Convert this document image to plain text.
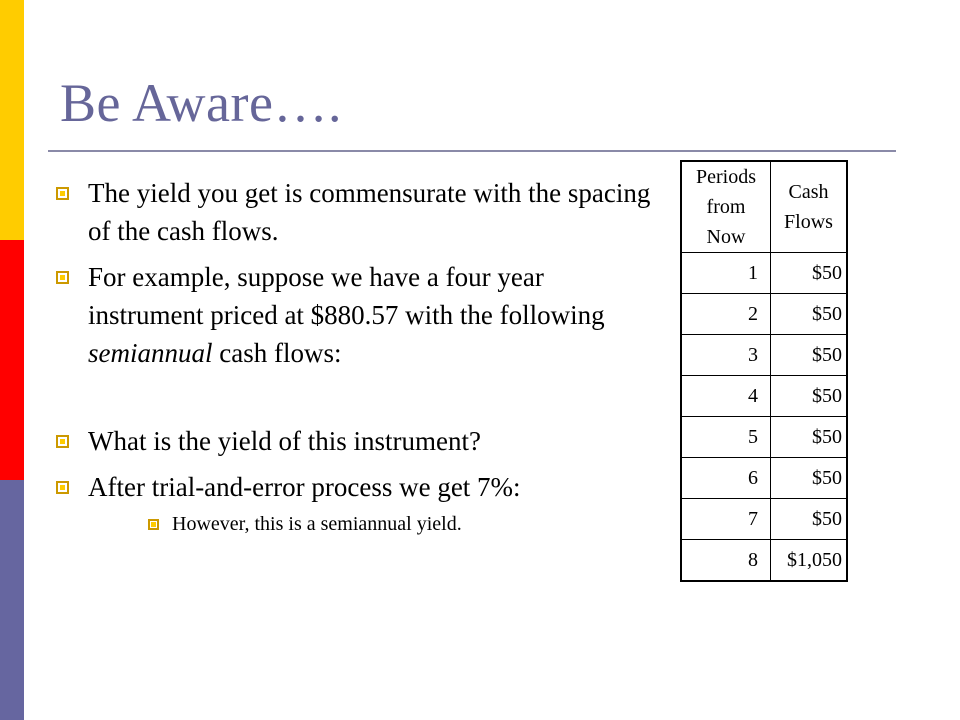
Be Aware….
The yield you get is commensurate with the spacing of the cash flows.
For example, suppose we have a four year instrument priced at $880.57 with the following semiannual cash flows:
What is the yield of this instrument?
After trial-and-error process we get 7%:
However, this is a semiannual yield.
Periods from Now	Cash Flows
1	$50
2	$50
3	$50
4	$50
5	$50
6	$50
7	$50
8	$1,050
